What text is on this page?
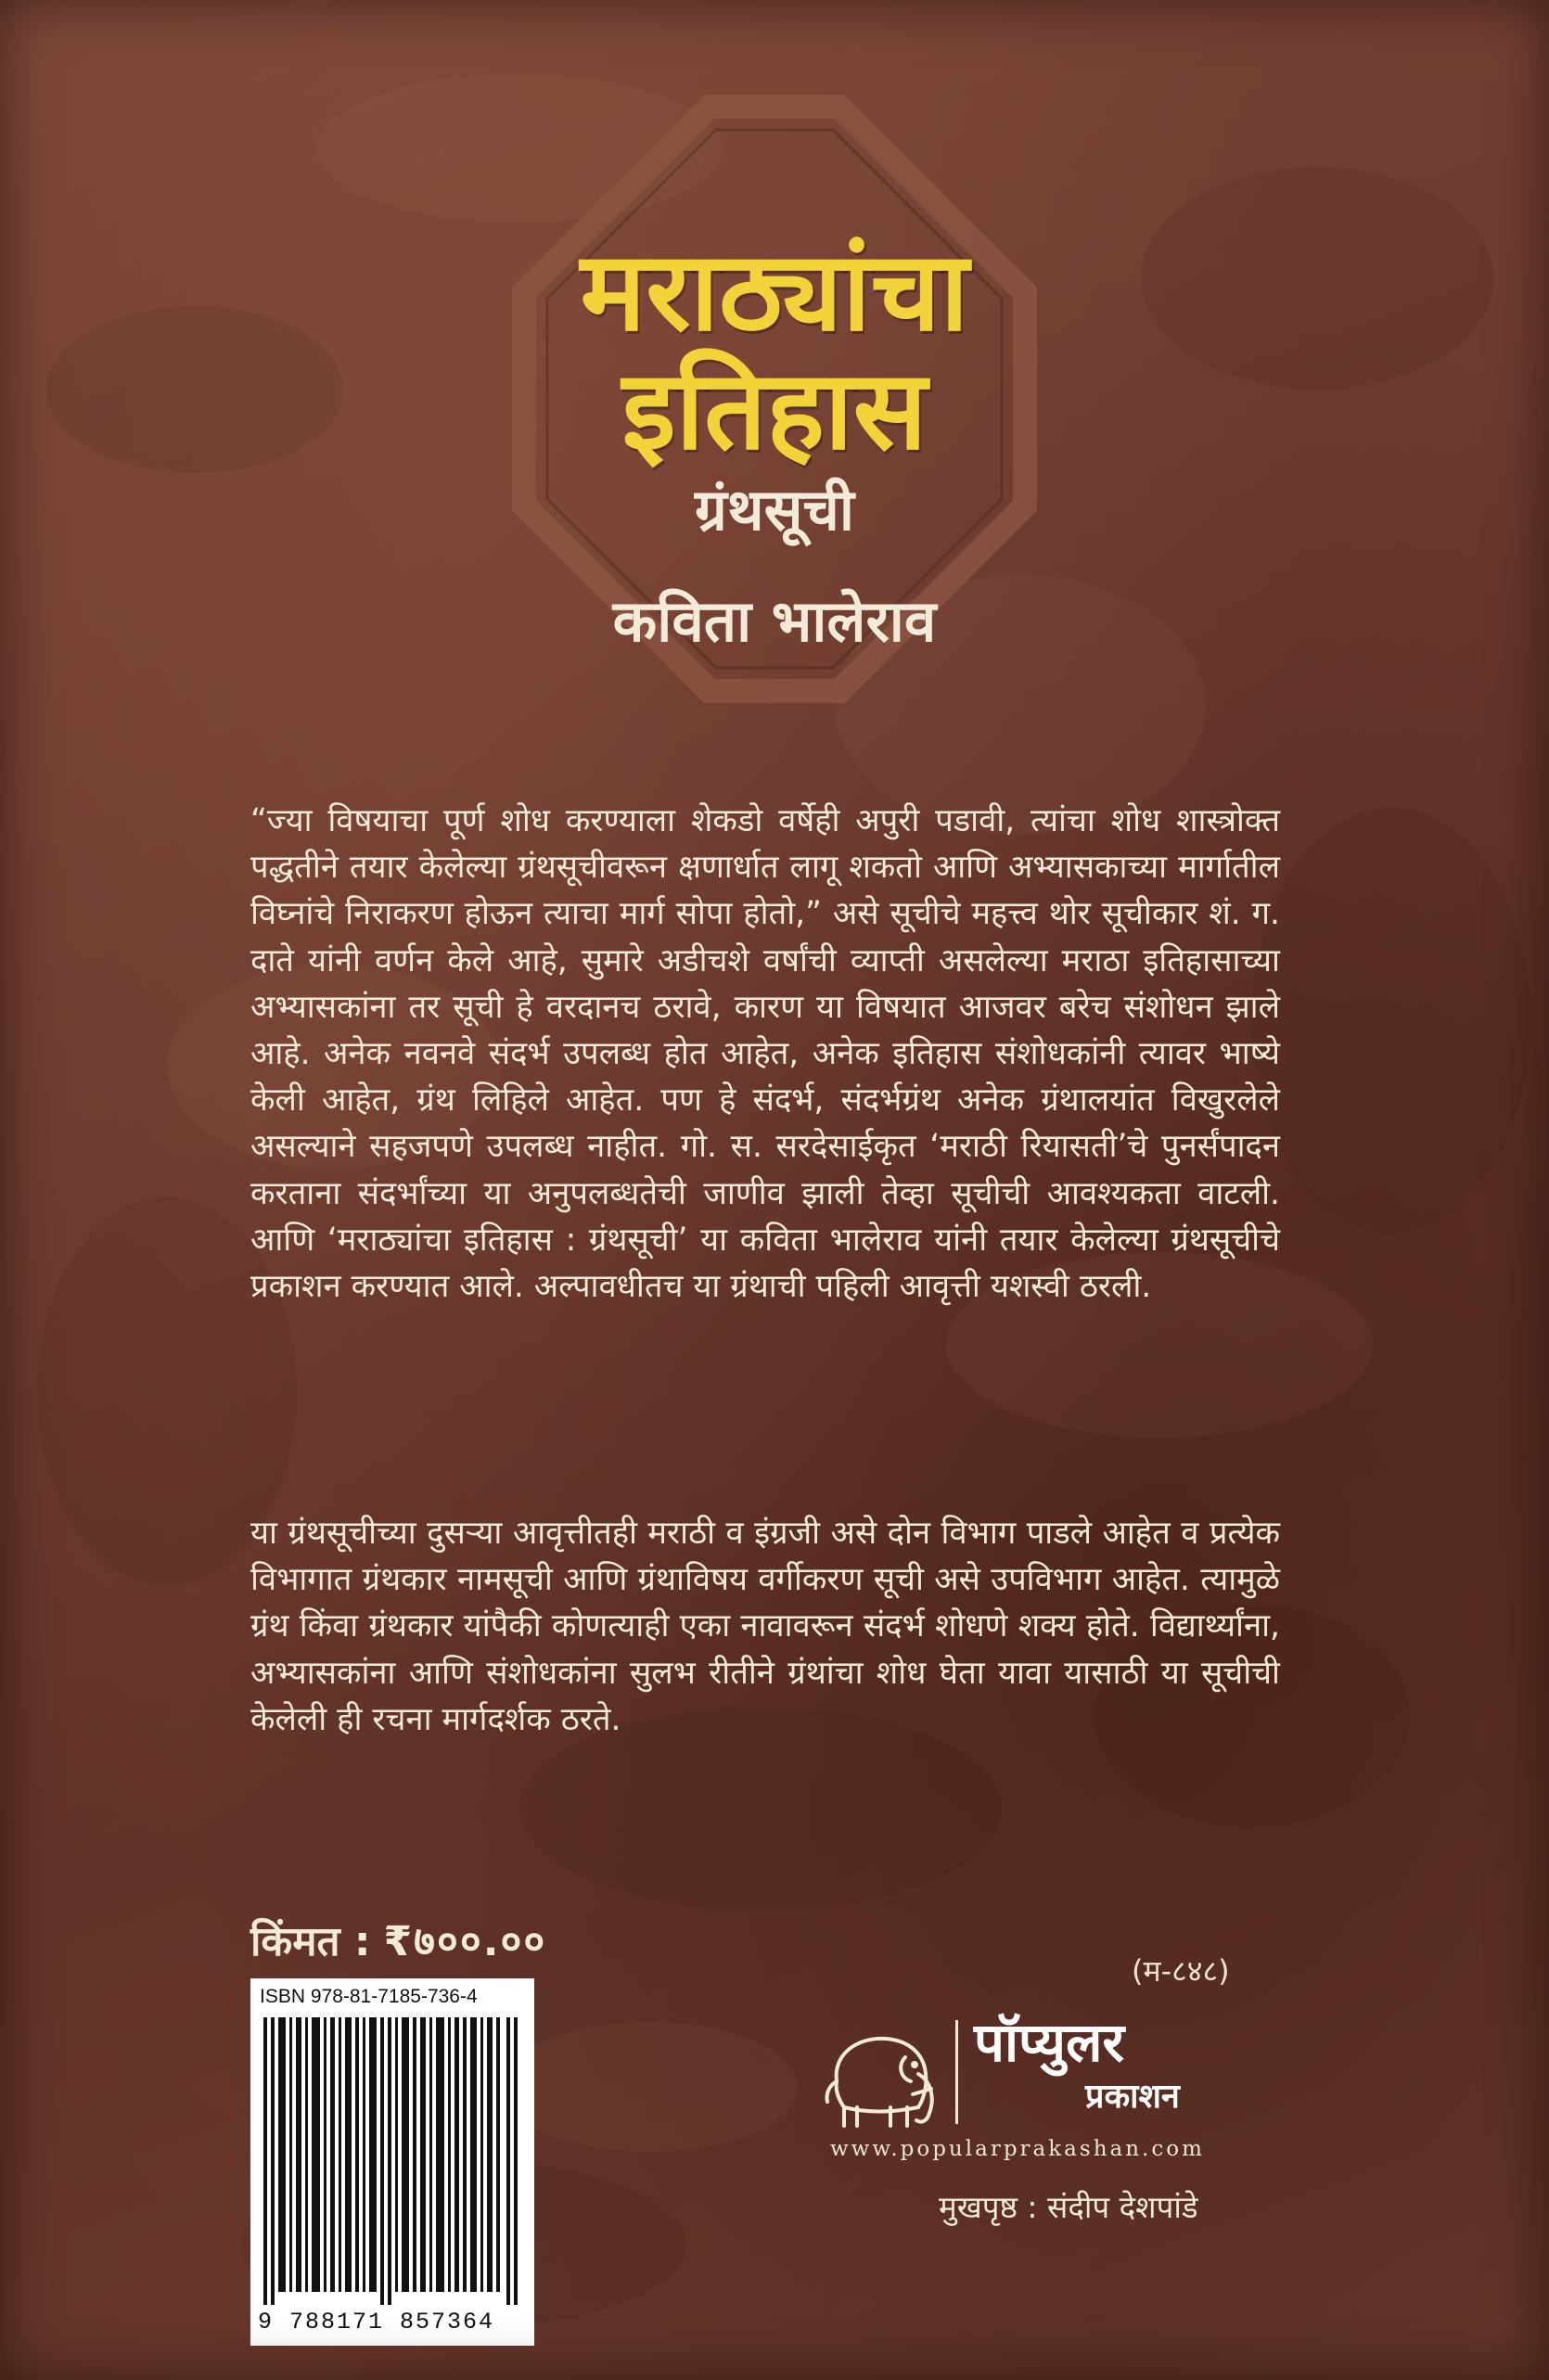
मराठ्यांचा
इतिहास
ग्रंथसूची
कविता भालेराव

“ज्या विषयाचा पूर्ण शोध करण्याला शेकडो वर्षेही अपुरी पडावी, त्यांचा शोध शास्त्रोक्त पद्धतीने तयार केलेल्या ग्रंथसूचीवरून क्षणार्धात लागू शकतो आणि अभ्यासकाच्या मार्गातील विघ्नांचे निराकरण होऊन त्याचा मार्ग सोपा होतो,” असे सूचीचे महत्त्व थोर सूचीकार शं. ग. दाते यांनी वर्णन केले आहे, सुमारे अडीचशे वर्षांची व्याप्ती असलेल्या मराठा इतिहासाच्या अभ्यासकांना तर सूची हे वरदानच ठरावे, कारण या विषयात आजवर बरेच संशोधन झाले आहे. अनेक नवनवे संदर्भ उपलब्ध होत आहेत, अनेक इतिहास संशोधकांनी त्यावर भाष्ये केली आहेत, ग्रंथ लिहिले आहेत. पण हे संदर्भ, संदर्भग्रंथ अनेक ग्रंथालयांत विखुरलेले असल्याने सहजपणे उपलब्ध नाहीत. गो. स. सरदेसाईकृत ‘मराठी रियासती’चे पुनर्संपादन करताना संदर्भांच्या या अनुपलब्धतेची जाणीव झाली तेव्हा सूचीची आवश्यकता वाटली. आणि ‘मराठ्यांचा इतिहास : ग्रंथसूची’ या कविता भालेराव यांनी तयार केलेल्या ग्रंथसूचीचे प्रकाशन करण्यात आले. अल्पावधीतच या ग्रंथाची पहिली आवृत्ती यशस्वी ठरली.

या ग्रंथसूचीच्या दुसऱ्या आवृत्तीतही मराठी व इंग्रजी असे दोन विभाग पाडले आहेत व प्रत्येक विभागात ग्रंथकार नामसूची आणि ग्रंथाविषय वर्गीकरण सूची असे उपविभाग आहेत. त्यामुळे ग्रंथ किंवा ग्रंथकार यांपैकी कोणत्याही एका नावावरून संदर्भ शोधणे शक्य होते. विद्यार्थ्यांना, अभ्यासकांना आणि संशोधकांना सुलभ रीतीने ग्रंथांचा शोध घेता यावा यासाठी या सूचीची केलेली ही रचना मार्गदर्शक ठरते.

किंमत : ₹७००.००
ISBN 978-81-7185-736-4
9 788171 857364
(म-८४८)
पॉप्युलर
प्रकाशन
www.popularprakashan.com
मुखपृष्ठ : संदीप देशपांडे
